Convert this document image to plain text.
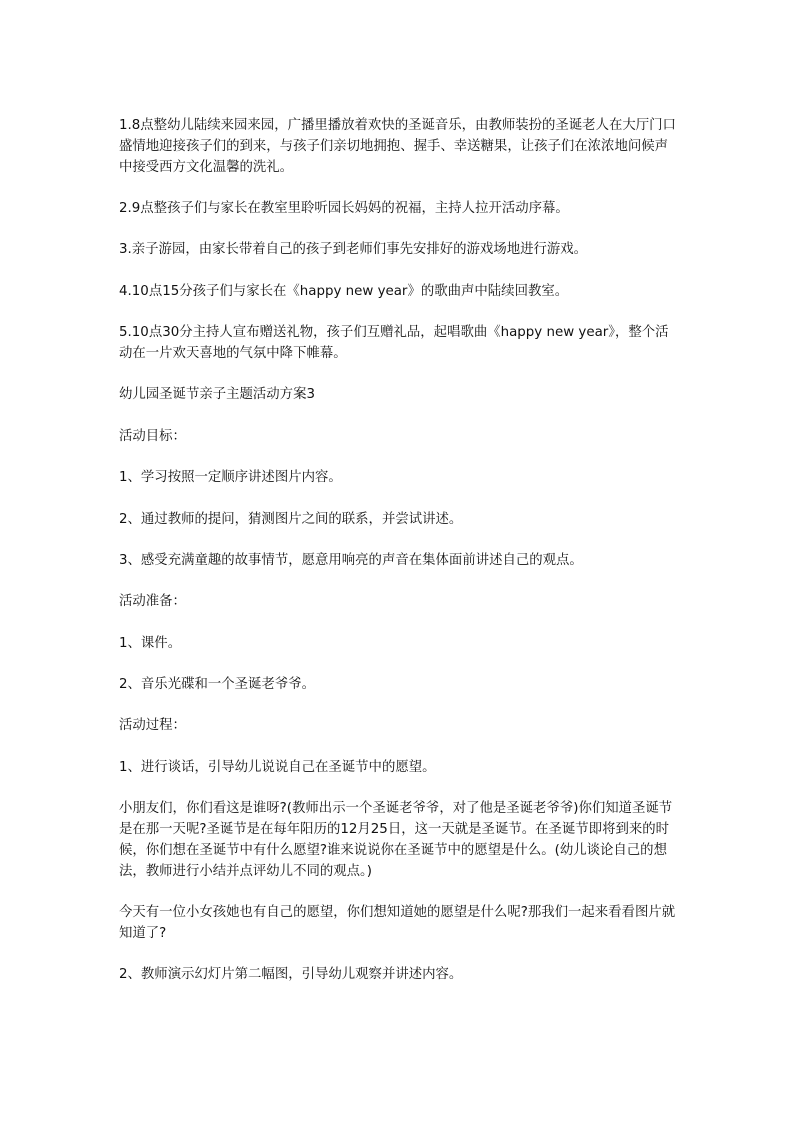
1.8点整幼儿陆续来园来园，广播里播放着欢快的圣诞音乐，由教师装扮的圣诞老人在大厅门口盛情地迎接孩子们的到来，与孩子们亲切地拥抱、握手、幸送糖果，让孩子们在浓浓地问候声中接受西方文化温馨的洗礼。

2.9点整孩子们与家长在教室里聆听园长妈妈的祝福，主持人拉开活动序幕。

3.亲子游园，由家长带着自己的孩子到老师们事先安排好的游戏场地进行游戏。

4.10点15分孩子们与家长在《happy new year》的歌曲声中陆续回教室。

5.10点30分主持人宣布赠送礼物，孩子们互赠礼品，起唱歌曲《happy new year》，整个活动在一片欢天喜地的气氛中降下帷幕。

幼儿园圣诞节亲子主题活动方案3

活动目标：

1、学习按照一定顺序讲述图片内容。

2、通过教师的提问，猜测图片之间的联系，并尝试讲述。

3、感受充满童趣的故事情节，愿意用响亮的声音在集体面前讲述自己的观点。

活动准备：

1、课件。

2、音乐光碟和一个圣诞老爷爷。

活动过程：

1、进行谈话，引导幼儿说说自己在圣诞节中的愿望。

小朋友们，你们看这是谁呀?(教师出示一个圣诞老爷爷，对了他是圣诞老爷爷)你们知道圣诞节是在那一天呢?圣诞节是在每年阳历的12月25日，这一天就是圣诞节。在圣诞节即将到来的时候，你们想在圣诞节中有什么愿望?谁来说说你在圣诞节中的愿望是什么。(幼儿谈论自己的想法，教师进行小结并点评幼儿不同的观点。)

今天有一位小女孩她也有自己的愿望，你们想知道她的愿望是什么呢?那我们一起来看看图片就知道了?

2、教师演示幻灯片第二幅图，引导幼儿观察并讲述内容。
